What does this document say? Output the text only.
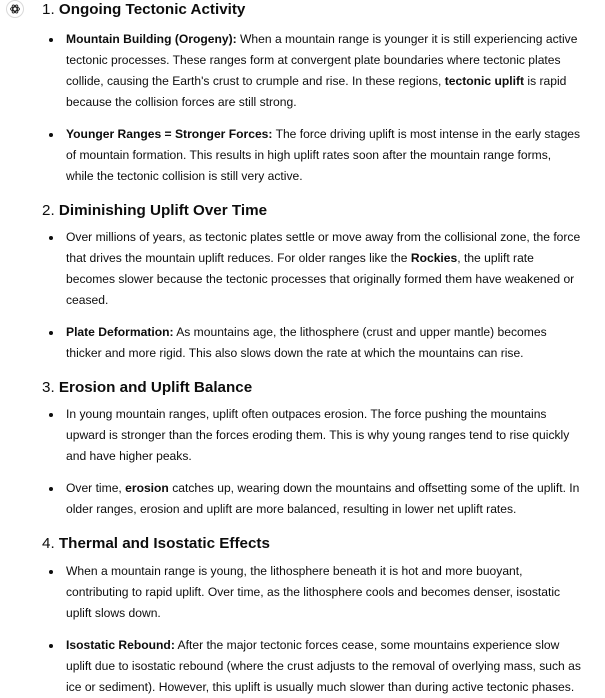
1. Ongoing Tectonic Activity
Mountain Building (Orogeny): When a mountain range is younger it is still experiencing active tectonic processes. These ranges form at convergent plate boundaries where tectonic plates collide, causing the Earth's crust to crumple and rise. In these regions, tectonic uplift is rapid because the collision forces are still strong.
Younger Ranges = Stronger Forces: The force driving uplift is most intense in the early stages of mountain formation. This results in high uplift rates soon after the mountain range forms, while the tectonic collision is still very active.
2. Diminishing Uplift Over Time
Over millions of years, as tectonic plates settle or move away from the collisional zone, the force that drives the mountain uplift reduces. For older ranges like the Rockies, the uplift rate becomes slower because the tectonic processes that originally formed them have weakened or ceased.
Plate Deformation: As mountains age, the lithosphere (crust and upper mantle) becomes thicker and more rigid. This also slows down the rate at which the mountains can rise.
3. Erosion and Uplift Balance
In young mountain ranges, uplift often outpaces erosion. The force pushing the mountains upward is stronger than the forces eroding them. This is why young ranges tend to rise quickly and have higher peaks.
Over time, erosion catches up, wearing down the mountains and offsetting some of the uplift. In older ranges, erosion and uplift are more balanced, resulting in lower net uplift rates.
4. Thermal and Isostatic Effects
When a mountain range is young, the lithosphere beneath it is hot and more buoyant, contributing to rapid uplift. Over time, as the lithosphere cools and becomes denser, isostatic uplift slows down.
Isostatic Rebound: After the major tectonic forces cease, some mountains experience slow uplift due to isostatic rebound (where the crust adjusts to the removal of overlying mass, such as ice or sediment). However, this uplift is usually much slower than during active tectonic phases.
